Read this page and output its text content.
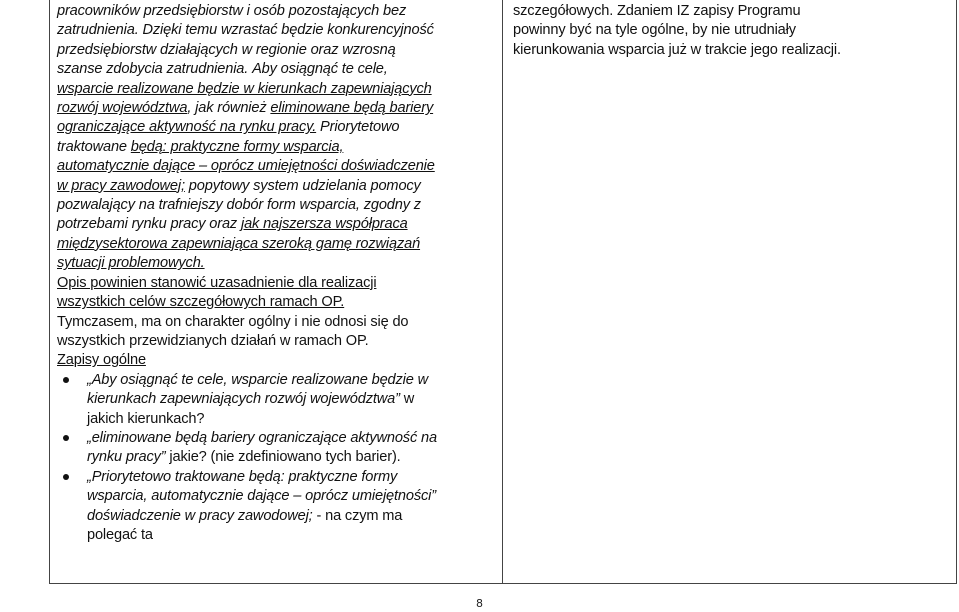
pracowników przedsiębiorstw i osób pozostających bez zatrudnienia. Dzięki temu wzrastać będzie konkurencyjność przedsiębiorstw działających w regionie oraz wzrosną szanse zdobycia zatrudnienia. Aby osiągnąć te cele, wsparcie realizowane będzie w kierunkach zapewniających rozwój województwa, jak również eliminowane będą bariery ograniczające aktywność na rynku pracy. Priorytetowo traktowane będą: praktyczne formy wsparcia, automatycznie dające – oprócz umiejętności doświadczenie w pracy zawodowej; popytowy system udzielania pomocy pozwalający na trafniejszy dobór form wsparcia, zgodny z potrzebami rynku pracy oraz jak najszersza współpraca międzysektorowa zapewniająca szeroką gamę rozwiązań sytuacji problemowych.

Opis powinien stanowić uzasadnienie dla realizacji wszystkich celów szczegółowych ramach OP.

Tymczasem, ma on charakter ogólny i nie odnosi się do wszystkich przewidzianych działań w ramach OP.

Zapisy ogólne

„Aby osiągnąć te cele, wsparcie realizowane będzie w kierunkach zapewniających rozwój województwa” w jakich kierunkach?
„eliminowane będą bariery ograniczające aktywność na rynku pracy” jakie? (nie zdefiniowano tych barier).
„Priorytetowo traktowane będą: praktyczne formy wsparcia, automatycznie dające – oprócz umiejętności” doświadczenie w pracy zawodowej; - na czym ma polegać ta

szczegółowych. Zdaniem IZ zapisy Programu powinny być na tyle ogólne, by nie utrudniały kierunkowania wsparcia już w trakcie jego realizacji.

8
